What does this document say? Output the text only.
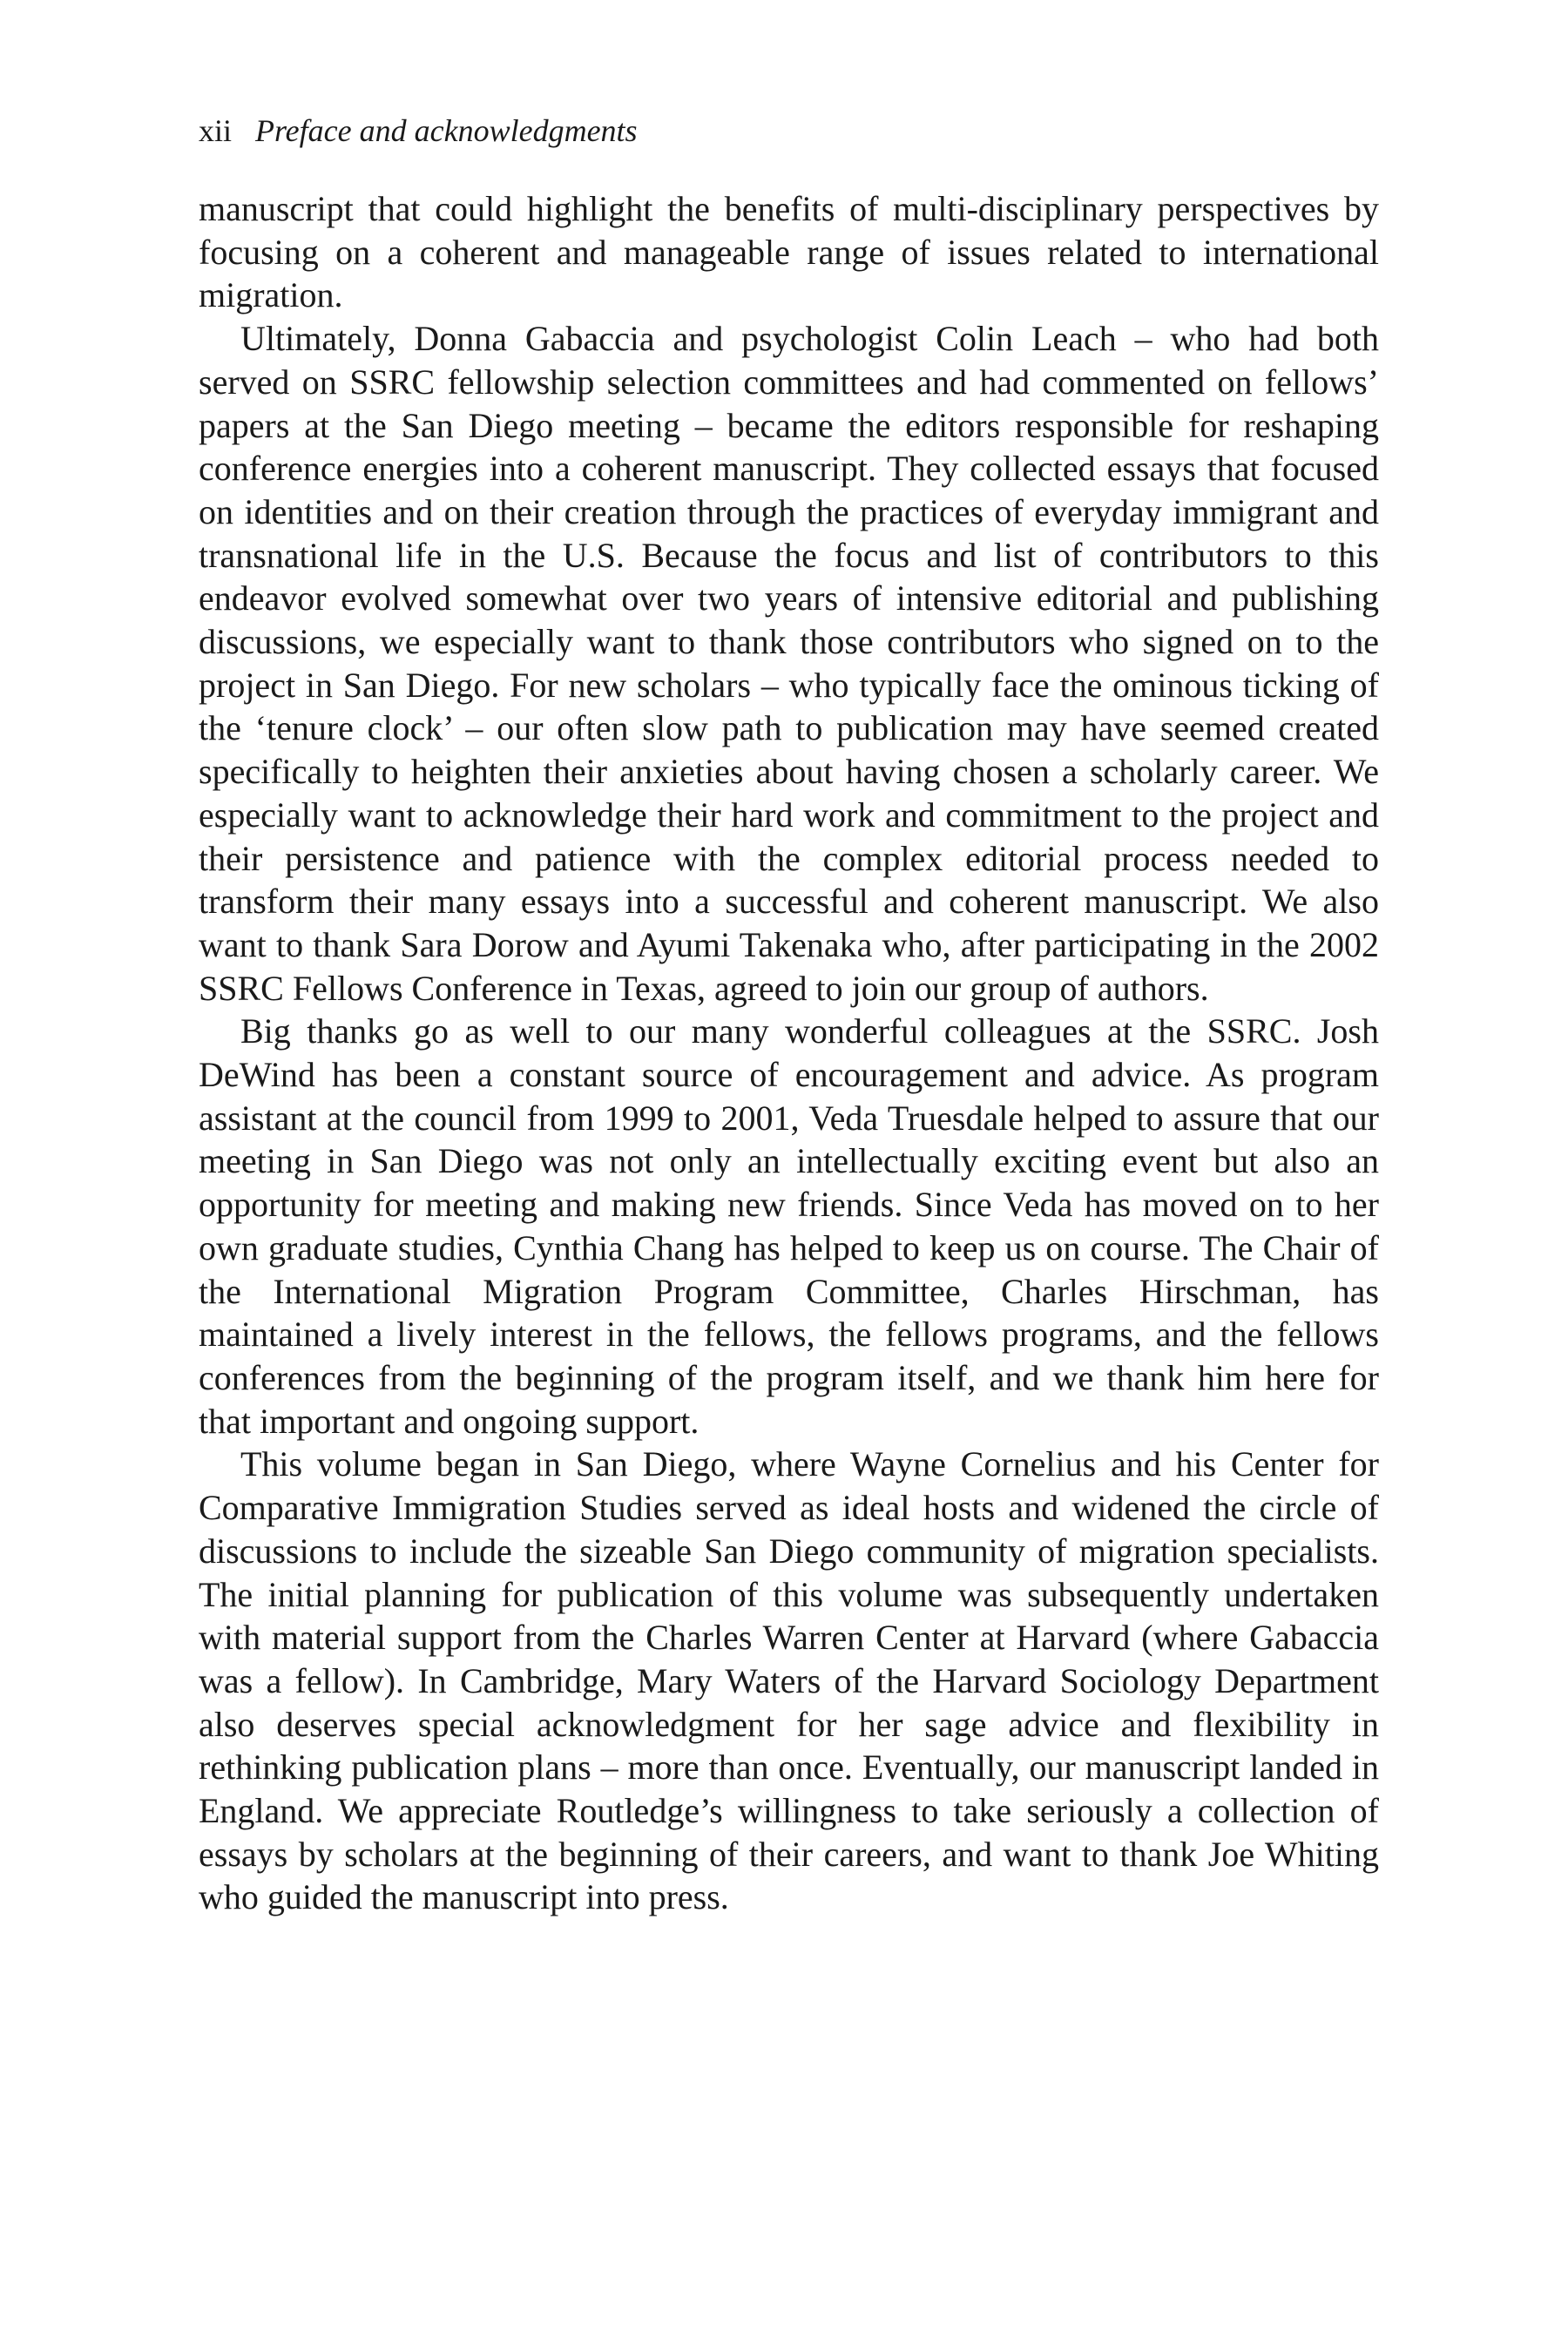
xii Preface and acknowledgments

manuscript that could highlight the benefits of multi-disciplinary perspectives by focusing on a coherent and manageable range of issues related to international migration.

Ultimately, Donna Gabaccia and psychologist Colin Leach – who had both served on SSRC fellowship selection committees and had commented on fellows’ papers at the San Diego meeting – became the editors responsible for reshaping conference energies into a coherent manuscript. They collected essays that focused on identities and on their creation through the practices of everyday immigrant and transnational life in the U.S. Because the focus and list of contributors to this endeavor evolved somewhat over two years of intensive editorial and publishing discussions, we especially want to thank those contributors who signed on to the project in San Diego. For new scholars – who typically face the ominous ticking of the ‘tenure clock’ – our often slow path to publication may have seemed created specifically to heighten their anxieties about having chosen a scholarly career. We especially want to acknowledge their hard work and commitment to the project and their persistence and patience with the complex editorial process needed to transform their many essays into a successful and coherent manuscript. We also want to thank Sara Dorow and Ayumi Takenaka who, after participating in the 2002 SSRC Fellows Conference in Texas, agreed to join our group of authors.

Big thanks go as well to our many wonderful colleagues at the SSRC. Josh DeWind has been a constant source of encouragement and advice. As program assistant at the council from 1999 to 2001, Veda Truesdale helped to assure that our meeting in San Diego was not only an intellectually exciting event but also an opportunity for meeting and making new friends. Since Veda has moved on to her own graduate studies, Cynthia Chang has helped to keep us on course. The Chair of the International Migration Program Committee, Charles Hirschman, has maintained a lively interest in the fellows, the fellows programs, and the fellows conferences from the beginning of the program itself, and we thank him here for that important and ongoing support.

This volume began in San Diego, where Wayne Cornelius and his Center for Comparative Immigration Studies served as ideal hosts and widened the circle of discussions to include the sizeable San Diego community of migration specialists. The initial planning for publication of this volume was subsequently undertaken with material support from the Charles Warren Center at Harvard (where Gabaccia was a fellow). In Cambridge, Mary Waters of the Harvard Sociology Department also deserves special acknowledgment for her sage advice and flexibility in rethinking publication plans – more than once. Eventually, our manuscript landed in England. We appreciate Routledge’s willingness to take seriously a collection of essays by scholars at the beginning of their careers, and want to thank Joe Whiting who guided the manuscript into press.
